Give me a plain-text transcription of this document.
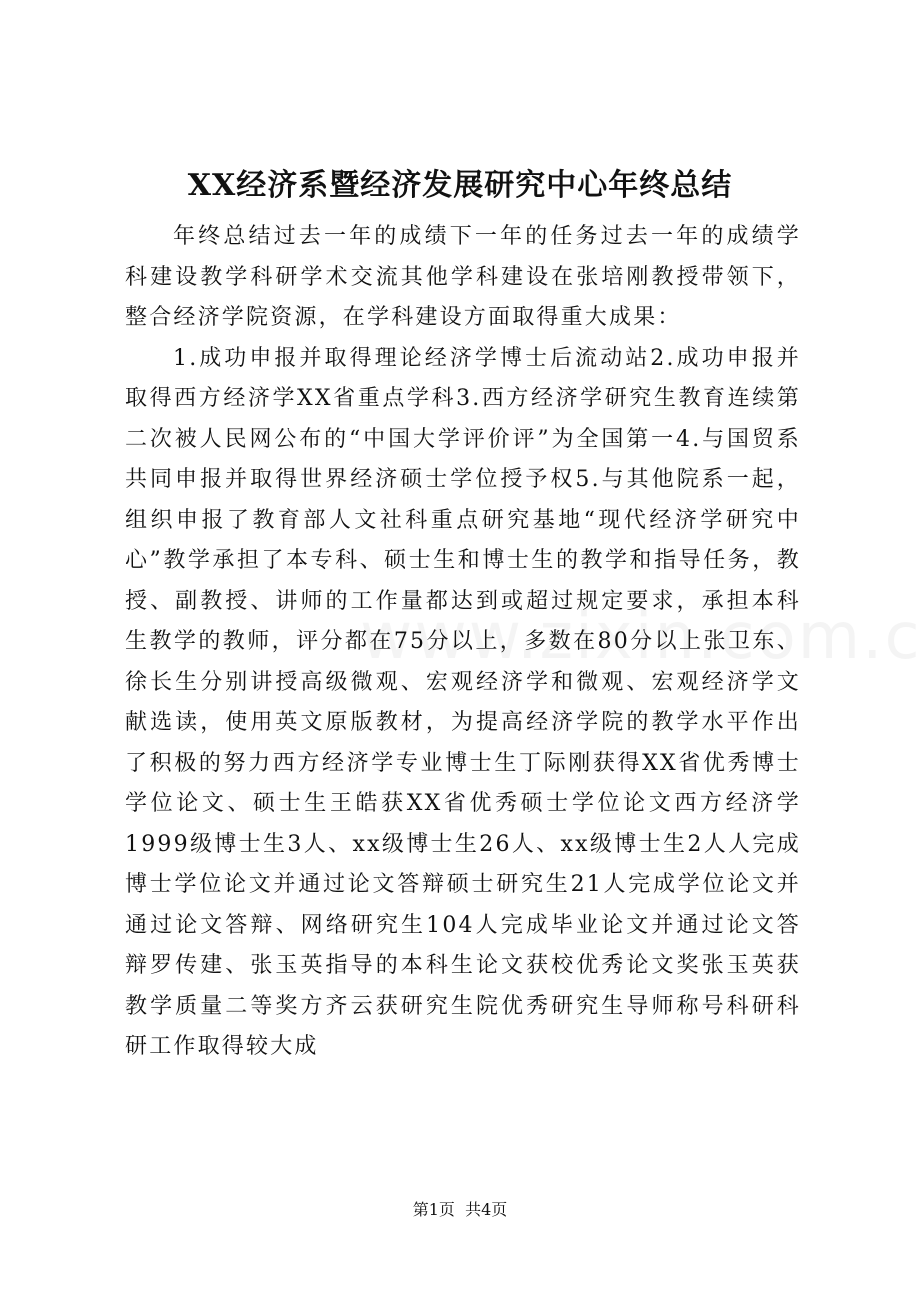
XX经济系暨经济发展研究中心年终总结

年终总结过去一年的成绩下一年的任务过去一年的成绩学科建设教学科研学术交流其他学科建设在张培刚教授带领下，整合经济学院资源，在学科建设方面取得重大成果：

1.成功申报并取得理论经济学博士后流动站2.成功申报并取得西方经济学XX省重点学科3.西方经济学研究生教育连续第二次被人民网公布的“中国大学评价评”为全国第一4.与国贸系共同申报并取得世界经济硕士学位授予权5.与其他院系一起，组织申报了教育部人文社科重点研究基地“现代经济学研究中心”教学承担了本专科、硕士生和博士生的教学和指导任务，教授、副教授、讲师的工作量都达到或超过规定要求，承担本科生教学的教师，评分都在75分以上，多数在80分以上张卫东、徐长生分别讲授高级微观、宏观经济学和微观、宏观经济学文献选读，使用英文原版教材，为提高经济学院的教学水平作出了积极的努力西方经济学专业博士生丁际刚获得XX省优秀博士学位论文、硕士生王皓获XX省优秀硕士学位论文西方经济学1999级博士生3人、xx级博士生26人、xx级博士生2人人完成博士学位论文并通过论文答辩硕士研究生21人完成学位论文并通过论文答辩、网络研究生104人完成毕业论文并通过论文答辩罗传建、张玉英指导的本科生论文获校优秀论文奖张玉英获教学质量二等奖方齐云获研究生院优秀研究生导师称号科研科研工作取得较大成

第1页 共4页
